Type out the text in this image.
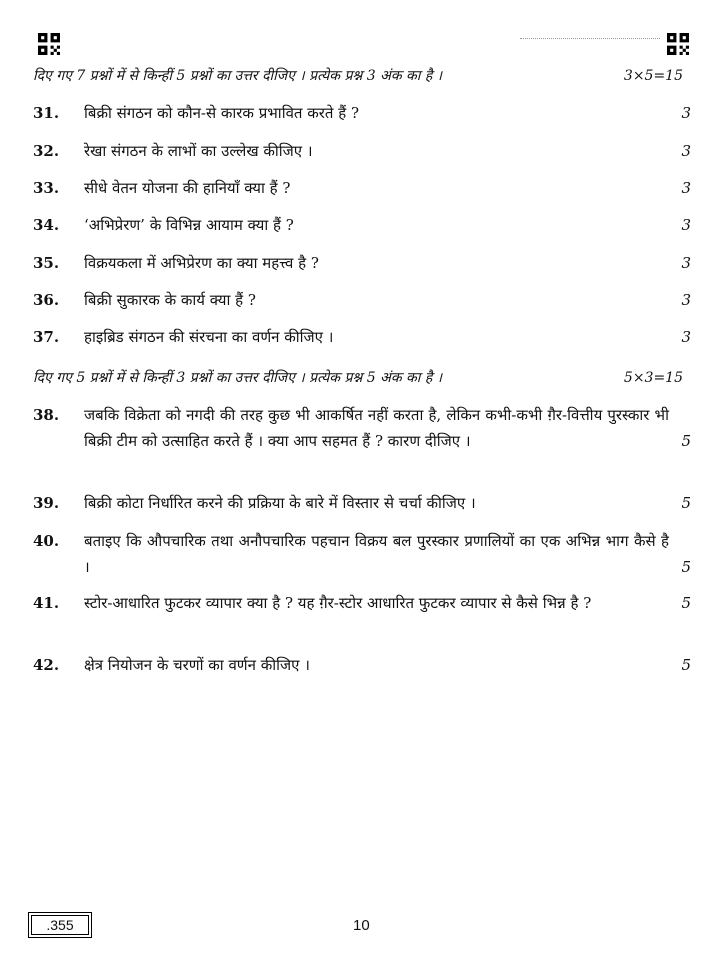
दिए गए 7 प्रश्नों में से किन्हीं 5 प्रश्नों का उत्तर दीजिए । प्रत्येक प्रश्न 3 अंक का है ।	3×5=15
31. बिक्री संगठन को कौन-से कारक प्रभावित करते हैं ?	3
32. रेखा संगठन के लाभों का उल्लेख कीजिए ।	3
33. सीधे वेतन योजना की हानियाँ क्या हैं ?	3
34. ‘अभिप्रेरण’ के विभिन्न आयाम क्या हैं ?	3
35. विक्रयकला में अभिप्रेरण का क्या महत्त्व है ?	3
36. बिक्री सुकारक के कार्य क्या हैं ?	3
37. हाइब्रिड संगठन की संरचना का वर्णन कीजिए ।	3
दिए गए 5 प्रश्नों में से किन्हीं 3 प्रश्नों का उत्तर दीजिए । प्रत्येक प्रश्न 5 अंक का है ।	5×3=15
38. जबकि विक्रेता को नगदी की तरह कुछ भी आकर्षित नहीं करता है, लेकिन कभी-कभी ग़ैर-वित्तीय पुरस्कार भी बिक्री टीम को उत्साहित करते हैं । क्या आप सहमत हैं ? कारण दीजिए ।	5
39. बिक्री कोटा निर्धारित करने की प्रक्रिया के बारे में विस्तार से चर्चा कीजिए ।	5
40. बताइए कि औपचारिक तथा अनौपचारिक पहचान विक्रय बल पुरस्कार प्रणालियों का एक अभिन्न भाग कैसे है ।	5
41. स्टोर-आधारित फुटकर व्यापार क्या है ? यह ग़ैर-स्टोर आधारित फुटकर व्यापार से कैसे भिन्न है ?	5
42. क्षेत्र नियोजन के चरणों का वर्णन कीजिए ।	5
.355	10
